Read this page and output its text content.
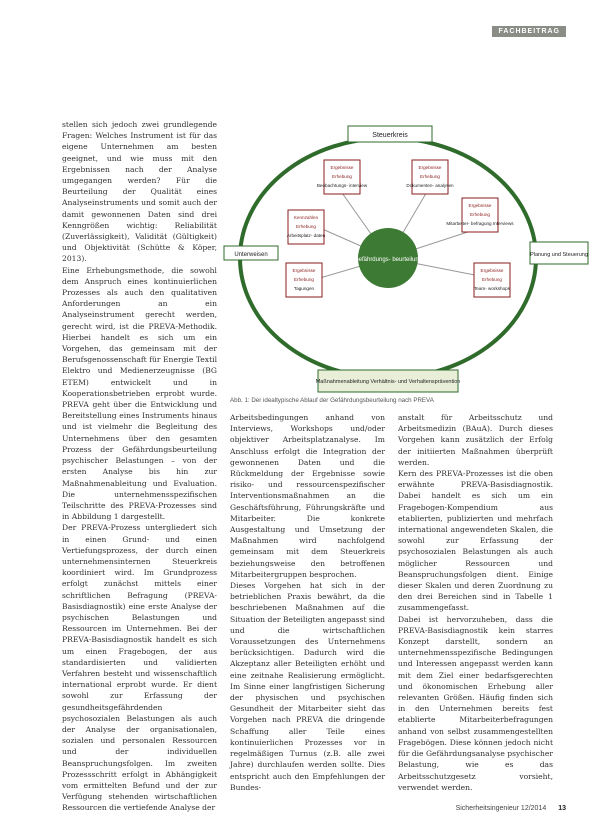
FACHBEITRAG
Steuerkreis
Unterweisen	Planung und Steuerung
Maßnahmenableitung Verhältnis- und Verhaltensprävention
Gefährdungs- beurteilung
Ergebnisse
Erhebung
Beobachtungs- interview
Ergebnisse
Erhebung
Dokumenten- analysen
Kennzahlen
Erhebung
Arbeitsplatz- daten
Ergebnisse
Erhebung
Mitarbeiter- befragung Interviews
Ergebnisse
Erhebung
Tagungen
Ergebnisse
Erhebung
Team- workshops
Abb. 1: Der idealtypische Ablauf der Gefährdungsbeurteilung nach PREVA

stellen sich jedoch zwei grundlegende Fragen: Welches Instrument ist für das eigene Unternehmen am besten geeignet, und wie muss mit den Ergebnissen nach der Analyse umgegangen werden? Für die Beurteilung der Qualität eines Analyseinstruments und somit auch der damit gewonnenen Daten sind drei Kenngrößen wichtig: Reliabilität (Zuverlässigkeit), Validität (Gültigkeit) und Objektivität (Schütte & Köper, 2013).

Eine Erhebungsmethode, die sowohl dem Anspruch eines kontinuierlichen Prozesses als auch den qualitativen Anforderungen an ein Analyseinstrument gerecht werden, gerecht wird, ist die PREVA-Methodik. Hierbei handelt es sich um ein Vorgehen, das gemeinsam mit der Berufsgenossenschaft für Energie Textil Elektro und Medienerzeugnisse (BG ETEM) entwickelt und in Kooperationsbetrieben erprobt wurde. PREVA geht über die Entwicklung und Bereitstellung eines Instruments hinaus und ist vielmehr die Begleitung des Unternehmens über den gesamten Prozess der Gefährdungsbeurteilung psychischer Belastungen – von der ersten Analyse bis hin zur Maßnahmenableitung und Evaluation. Die unternehmensspezifischen Teilschritte des PREVA-Prozesses sind in Abbildung 1 dargestellt.

Der PREVA-Prozess untergliedert sich in einen Grund- und einen Vertiefungsprozess, der durch einen unternehmensinternen Steuerkreis koordiniert wird. Im Grundprozess erfolgt zunächst mittels einer schriftlichen Befragung (PREVA-Basisdiagnostik) eine erste Analyse der psychischen Belastungen und Ressourcen im Unternehmen. Bei der PREVA-Basisdiagnostik handelt es sich um einen Fragebogen, der aus standardisierten und validierten Verfahren besteht und wissenschaftlich international erprobt wurde. Er dient sowohl zur Erfassung der gesundheitsgefährdenden psychosozialen Belastungen als auch der Analyse der organisationalen, sozialen und personalen Ressourcen und der individuellen Beanspruchungsfolgen. Im zweiten Prozessschritt erfolgt in Abhängigkeit vom ermittelten Befund und der zur Verfügung stehenden wirtschaftlichen Ressourcen die vertiefende Analyse der

Arbeitsbedingungen anhand von Interviews, Workshops und/oder objektiver Arbeitsplatzanalyse. Im Anschluss erfolgt die Integration der gewonnenen Daten und die Rückmeldung der Ergebnisse sowie risiko- und ressourcenspezifischer Interventionsmaßnahmen an die Geschäftsführung, Führungskräfte und Mitarbeiter. Die konkrete Ausgestaltung und Umsetzung der Maßnahmen wird nachfolgend gemeinsam mit dem Steuerkreis beziehungsweise den betroffenen Mitarbeitergruppen besprochen.

Dieses Vorgehen hat sich in der betrieblichen Praxis bewährt, da die beschriebenen Maßnahmen auf die Situation der Beteiligten angepasst sind und die wirtschaftlichen Voraussetzungen des Unternehmens berücksichtigen. Dadurch wird die Akzeptanz aller Beteiligten erhöht und eine zeitnahe Realisierung ermöglicht. Im Sinne einer langfristigen Sicherung der physischen und psychischen Gesundheit der Mitarbeiter sieht das Vorgehen nach PREVA die dringende Schaffung aller Teile eines kontinuierlichen Prozesses vor in regelmäßigen Turnus (z.B. alle zwei Jahre) durchlaufen werden sollte. Dies entspricht auch den Empfehlungen der Bundes-

anstalt für Arbeitsschutz und Arbeitsmedizin (BAuA). Durch dieses Vorgehen kann zusätzlich der Erfolg der initiierten Maßnahmen überprüft werden.

Kern des PREVA-Prozesses ist die oben erwähnte PREVA-Basisdiagnostik. Dabei handelt es sich um ein Fragebogen-Kompendium aus etablierten, publizierten und mehrfach international angewendeten Skalen, die sowohl zur Erfassung der psychosozialen Belastungen als auch möglicher Ressourcen und Beanspruchungsfolgen dient. Einige dieser Skalen und deren Zuordnung zu den drei Bereichen sind in Tabelle 1 zusammengefasst.

Dabei ist hervorzuheben, dass die PREVA-Basisdiagnostik kein starres Konzept darstellt, sondern an unternehmensspezifische Bedingungen und Interessen angepasst werden kann mit dem Ziel einer bedarfsgerechten und ökonomischen Erhebung aller relevanten Größen. Häufig finden sich in den Unternehmen bereits fest etablierte Mitarbeiterbefragungen anhand von selbst zusammengestellten Fragebögen. Diese können jedoch nicht für die Gefährdungsanalyse psychischer Belastung, wie es das Arbeitsschutzgesetz vorsieht, verwendet werden.

Sicherheitsingenieur 12/2014 13
